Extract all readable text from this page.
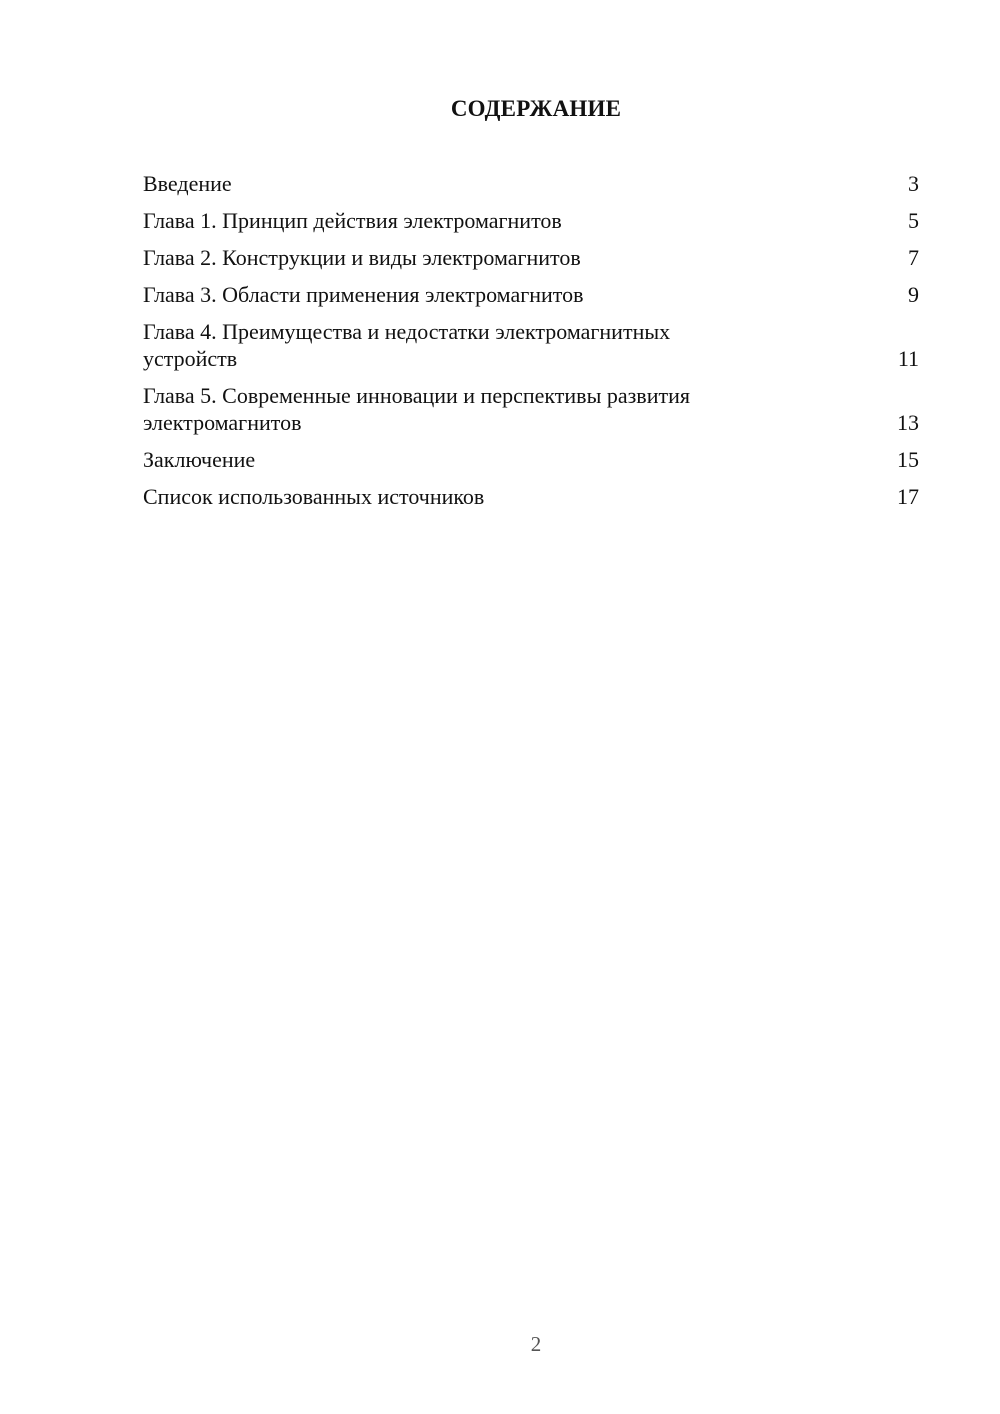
СОДЕРЖАНИЕ
Введение	3
Глава 1. Принцип действия электромагнитов	5
Глава 2. Конструкции и виды электромагнитов	7
Глава 3. Области применения электромагнитов	9
Глава 4. Преимущества и недостатки электромагнитных
устройств	11
Глава 5. Современные инновации и перспективы развития
электромагнитов	13
Заключение	15
Список использованных источников	17
2
